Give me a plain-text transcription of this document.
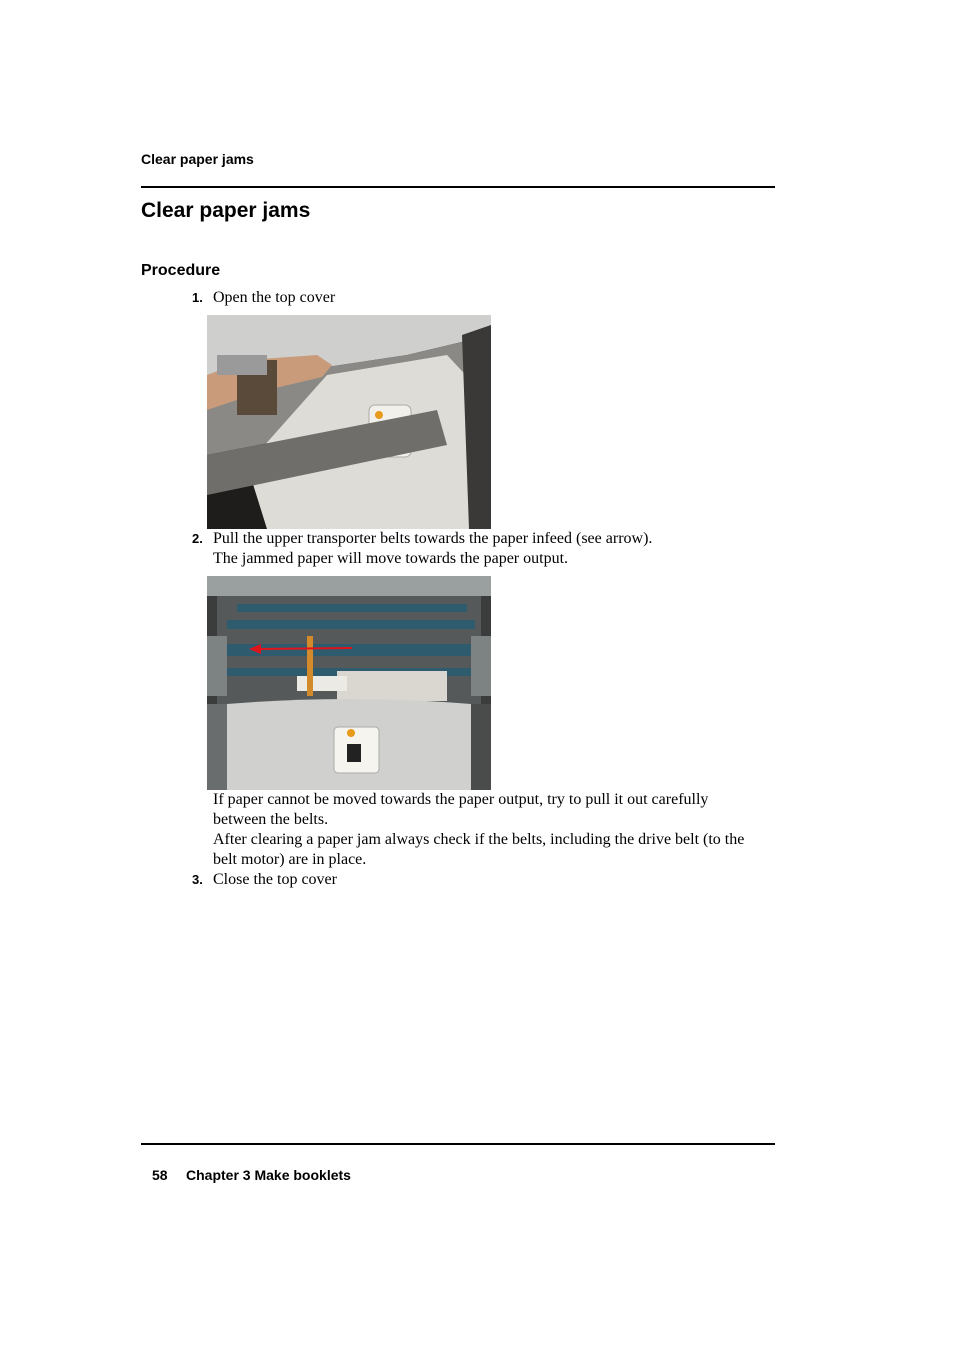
Clear paper jams
Clear paper jams
Procedure
1. Open the top cover
2. Pull the upper transporter belts towards the paper infeed (see arrow).
The jammed paper will move towards the paper output.
If paper cannot be moved towards the paper output, try to pull it out carefully
between the belts.
After clearing a paper jam always check if the belts, including the drive belt (to the
belt motor) are in place.
3. Close the top cover
58 Chapter 3 Make booklets
